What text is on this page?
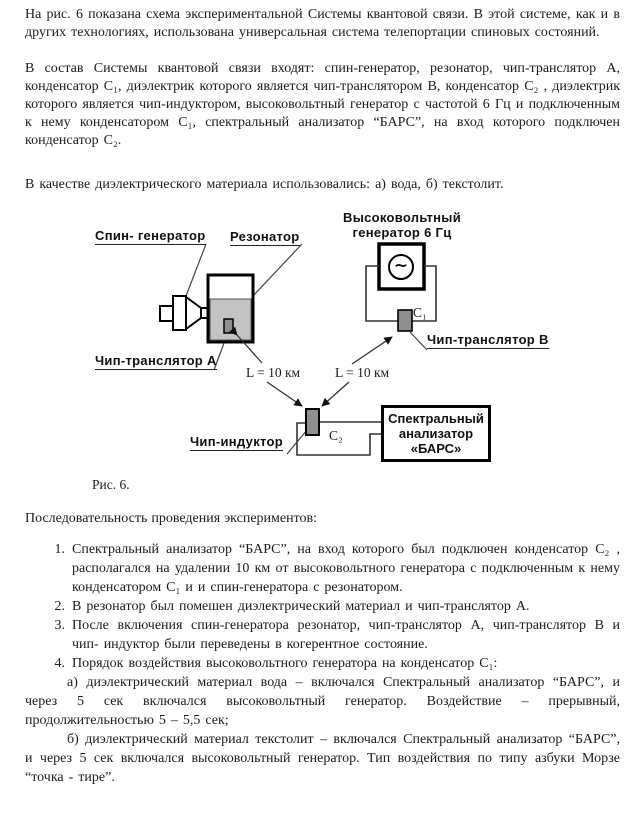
На рис. 6 показана схема экспериментальной Системы квантовой связи. В этой системе, как и в других технологиях, использована универсальная система телепортации спиновых состояний.

В состав Системы квантовой связи входят: спин-генератор, резонатор, чип-транслятор А, конденсатор C₁, диэлектрик которого является чип-транслятором В, конденсатор C₂ , диэлектрик которого является чип-индуктором, высоковольтный генератор с частотой 6 Гц и подключенным к нему конденсатором C₁, спектральный анализатор “БАРС”, на вход которого подключен конденсатор C₂.

В качестве диэлектрического материала использовались: а) вода, б) текстолит.

Спин- генератор Резонатор
Высоковольтный
генератор 6 Гц
~
C₁
Чип-транслятор В
Чип-транслятор А
L = 10 км	L = 10 км
C₂
Чип-индуктор
Спектральный
анализатор
«БАРС»
Рис. 6.

Последовательность проведения экспериментов:

1. Спектральный анализатор “БАРС”, на вход которого был подключен конденсатор C₂ , располагался на удалении 10 км от высоковольтного генератора с подключенным к нему конденсатором C₁ и и спин-генератора с резонатором.
2. В резонатор был помешен диэлектрический материал и чип-транслятор А.
3. После включения спин-генератора резонатор, чип-транслятор А, чип-транслятор В и чип- индуктор были переведены в когерентное состояние.
4. Порядок воздействия высоковольтного генератора на конденсатор C₁:

а) диэлектрический материал вода – включался Спектральный анализатор “БАРС”, и через 5 сек включался высоковольтный генератор. Воздействие – прерывный, продолжительностью 5 – 5,5 сек;

б) диэлектрический материал текстолит – включался Спектральный анализатор “БАРС”, и через 5 сек включался высоковольтный генератор. Тип воздействия по типу азбуки Морзе “точка - тире”.
